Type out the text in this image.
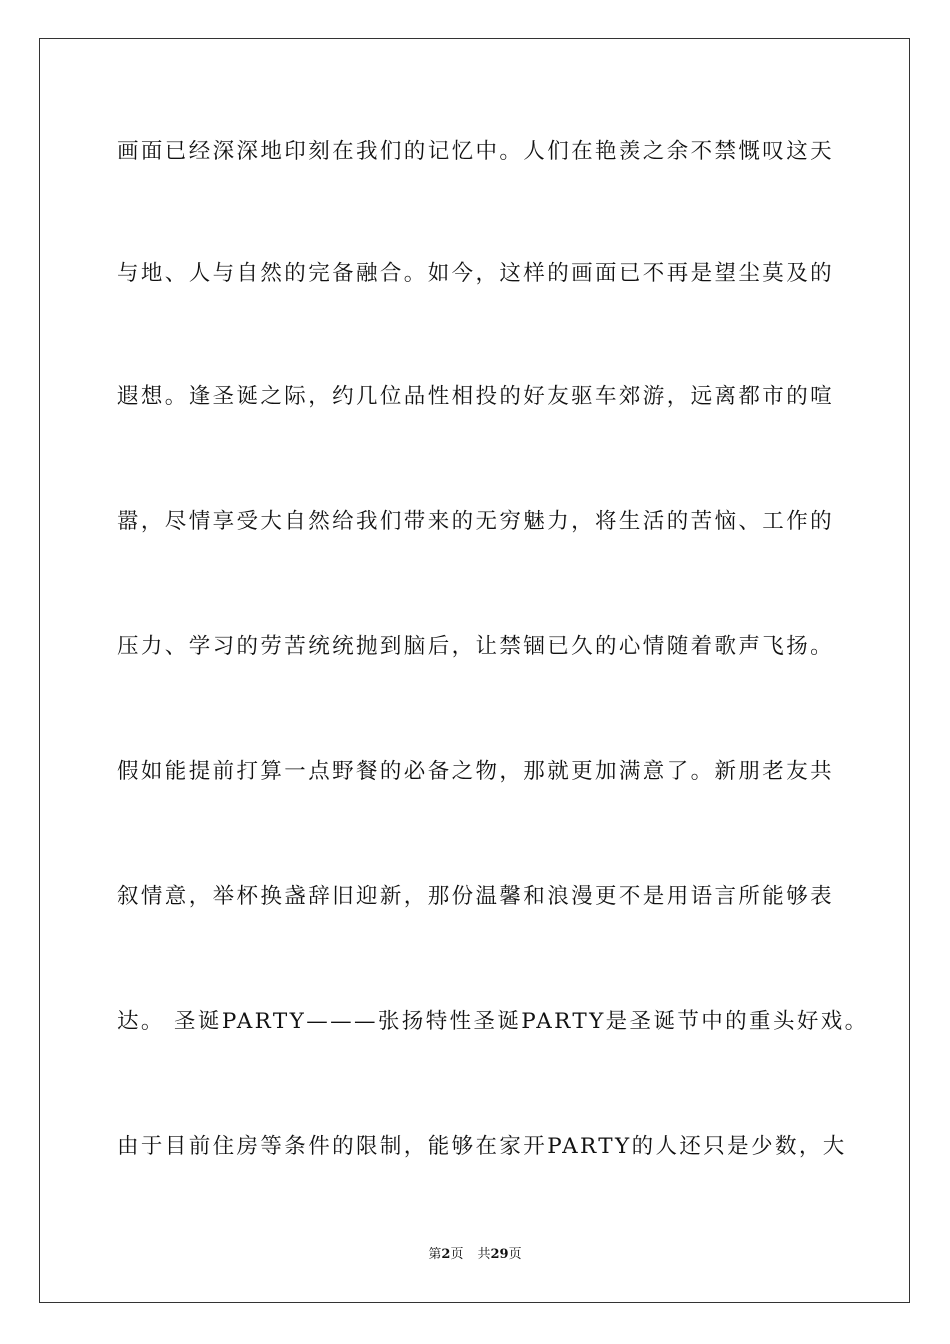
画面已经深深地印刻在我们的记忆中。人们在艳羡之余不禁慨叹这天
与地、人与自然的完备融合。如今，这样的画面已不再是望尘莫及的
遐想。逢圣诞之际，约几位品性相投的好友驱车郊游，远离都市的喧
嚣，尽情享受大自然给我们带来的无穷魅力，将生活的苦恼、工作的
压力、学习的劳苦统统抛到脑后，让禁锢已久的心情随着歌声飞扬。
假如能提前打算一点野餐的必备之物，那就更加满意了。新朋老友共
叙情意，举杯换盏辞旧迎新，那份温馨和浪漫更不是用语言所能够表
达。 圣诞PARTY———张扬特性圣诞PARTY是圣诞节中的重头好戏。
由于目前住房等条件的限制，能够在家开PARTY的人还只是少数，大
第2页 共29页
